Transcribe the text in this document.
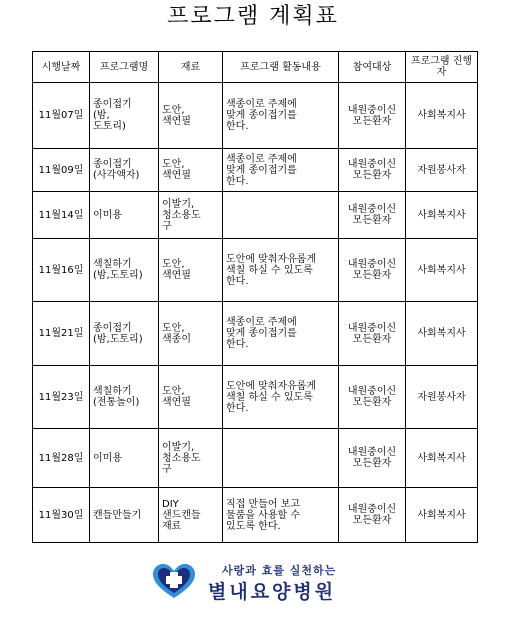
프로그램 계획표
시행날짜	프로그램명	재료	프로그램 활동내용	참여대상	프로그램 진행자

11월07일	종이접기
(밤,
도토리)	도안,
색연필	색종이로 주제에
맞게 종이접기를
한다.	내원중이신
모든환자	사회복지사

11월09일	종이접기
(사각액자)	도안,
색연필	색종이로 주제에
맞게 종이접기를
한다.	내원중이신
모든환자	자원봉사자

11월14일	이미용	이발기,
청소용도
구		내원중이신
모든환자	사회복지사

11월16일	색칠하기
(밤,도토리)	도안,
색연필	도안에 맞춰자유롭게
색칠 하실 수 있도록
한다.	내원중이신
모든환자	사회복지사

11월21일	종이접기
(밤,도토리)	도안,
색종이	색종이로 주제에
맞게 종이접기를
한다.	내원중이신
모든환자	사회복지사

11월23일	색칠하기
(전통놀이)	도안,
색연필	도안에 맞춰자유롭게
색칠 하실 수 있도록
한다.	내원중이신
모든환자	자원봉사자

11월28일	이미용	이발기,
청소용도
구		내원중이신
모든환자	사회복지사

11월30일	캔들만들기	DIY
샌드캔들
재료	직접 만들어 보고
물품을 사용할 수
있도록 한다.	내원중이신
모든환자	사회복지사
사랑과 효를 실천하는
별내요양병원
